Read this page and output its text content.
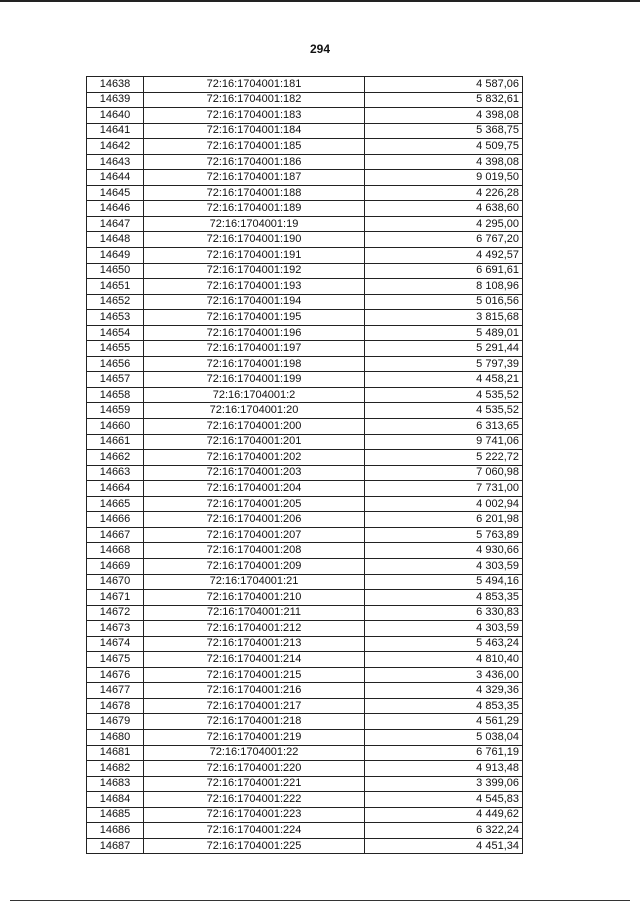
294
14638	72:16:1704001:181	4 587,06
14639	72:16:1704001:182	5 832,61
14640	72:16:1704001:183	4 398,08
14641	72:16:1704001:184	5 368,75
14642	72:16:1704001:185	4 509,75
14643	72:16:1704001:186	4 398,08
14644	72:16:1704001:187	9 019,50
14645	72:16:1704001:188	4 226,28
14646	72:16:1704001:189	4 638,60
14647	72:16:1704001:19	4 295,00
14648	72:16:1704001:190	6 767,20
14649	72:16:1704001:191	4 492,57
14650	72:16:1704001:192	6 691,61
14651	72:16:1704001:193	8 108,96
14652	72:16:1704001:194	5 016,56
14653	72:16:1704001:195	3 815,68
14654	72:16:1704001:196	5 489,01
14655	72:16:1704001:197	5 291,44
14656	72:16:1704001:198	5 797,39
14657	72:16:1704001:199	4 458,21
14658	72:16:1704001:2	4 535,52
14659	72:16:1704001:20	4 535,52
14660	72:16:1704001:200	6 313,65
14661	72:16:1704001:201	9 741,06
14662	72:16:1704001:202	5 222,72
14663	72:16:1704001:203	7 060,98
14664	72:16:1704001:204	7 731,00
14665	72:16:1704001:205	4 002,94
14666	72:16:1704001:206	6 201,98
14667	72:16:1704001:207	5 763,89
14668	72:16:1704001:208	4 930,66
14669	72:16:1704001:209	4 303,59
14670	72:16:1704001:21	5 494,16
14671	72:16:1704001:210	4 853,35
14672	72:16:1704001:211	6 330,83
14673	72:16:1704001:212	4 303,59
14674	72:16:1704001:213	5 463,24
14675	72:16:1704001:214	4 810,40
14676	72:16:1704001:215	3 436,00
14677	72:16:1704001:216	4 329,36
14678	72:16:1704001:217	4 853,35
14679	72:16:1704001:218	4 561,29
14680	72:16:1704001:219	5 038,04
14681	72:16:1704001:22	6 761,19
14682	72:16:1704001:220	4 913,48
14683	72:16:1704001:221	3 399,06
14684	72:16:1704001:222	4 545,83
14685	72:16:1704001:223	4 449,62
14686	72:16:1704001:224	6 322,24
14687	72:16:1704001:225	4 451,34
